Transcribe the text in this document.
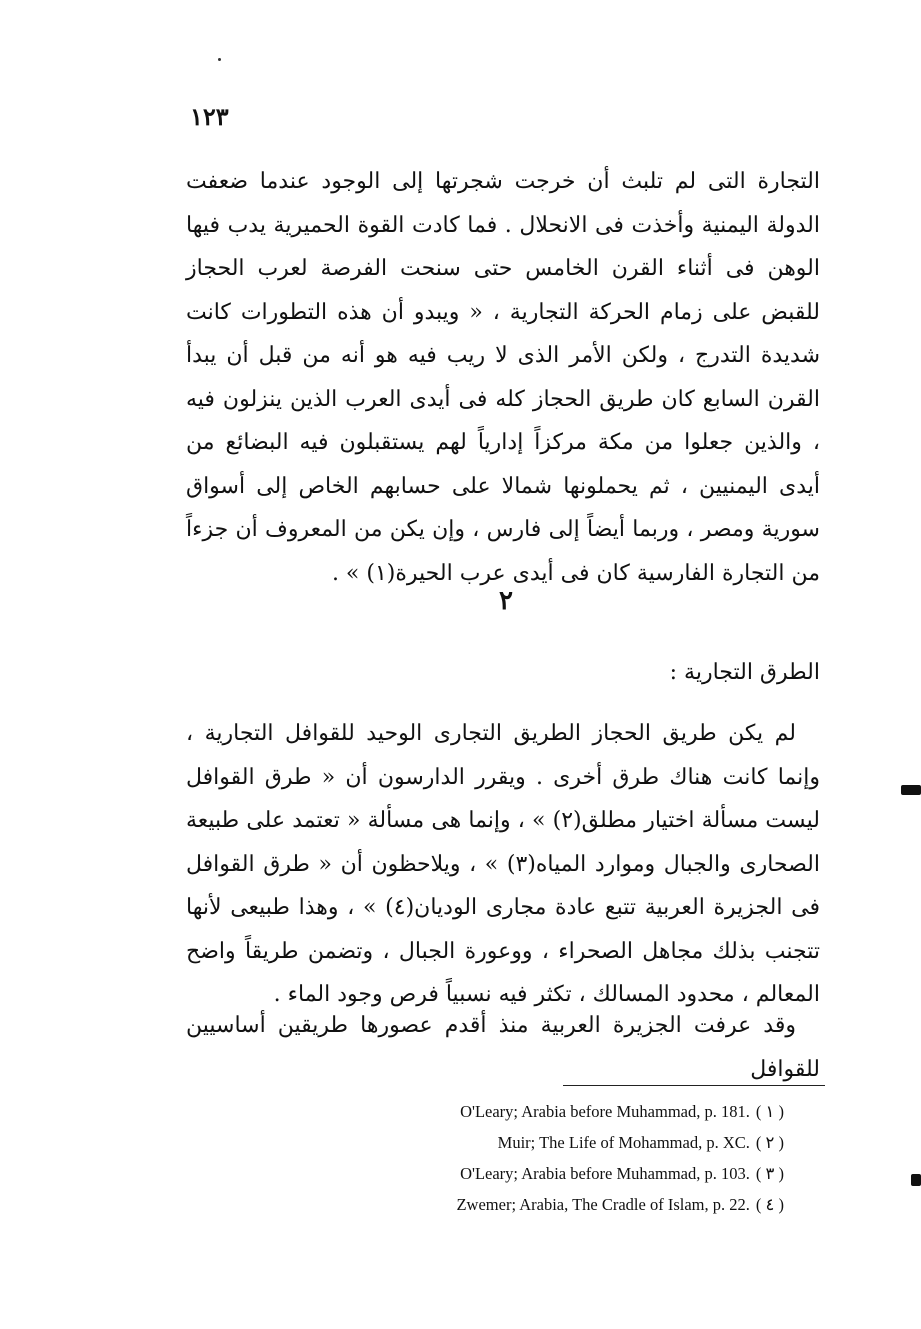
١٢٣

التجارة التى لم تلبث أن خرجت شجرتها إلى الوجود عندما ضعفت الدولة اليمنية وأخذت فى الانحلال . فما كادت القوة الحميرية يدب فيها الوهن فى أثناء القرن الخامس حتى سنحت الفرصة لعرب الحجاز للقبض على زمام الحركة التجارية ، « ويبدو أن هذه التطورات كانت شديدة التدرج ، ولكن الأمر الذى لا ريب فيه هو أنه من قبل أن يبدأ القرن السابع كان طريق الحجاز كله فى أيدى العرب الذين ينزلون فيه ، والذين جعلوا من مكة مركزاً إدارياً لهم يستقبلون فيه البضائع من أيدى اليمنيين ، ثم يحملونها شمالا على حسابهم الخاص إلى أسواق سورية ومصر ، وربما أيضاً إلى فارس ، وإن يكن من المعروف أن جزءاً من التجارة الفارسية كان فى أيدى عرب الحيرة(١) » .

٢
الطرق التجارية :

لم يكن طريق الحجاز الطريق التجارى الوحيد للقوافل التجارية ، وإنما كانت هناك طرق أخرى . ويقرر الدارسون أن « طرق القوافل ليست مسألة اختيار مطلق(٢) » ، وإنما هى مسألة « تعتمد على طبيعة الصحارى والجبال وموارد المياه(٣) » ، ويلاحظون أن « طرق القوافل فى الجزيرة العربية تتبع عادة مجارى الوديان(٤) » ، وهذا طبيعى لأنها تتجنب بذلك مجاهل الصحراء ، ووعورة الجبال ، وتضمن طريقاً واضح المعالم ، محدود المسالك ، تكثر فيه نسبياً فرص وجود الماء .

وقد عرفت الجزيرة العربية منذ أقدم عصورها طريقين أساسيين للقوافل

O'Leary; Arabia before Muhammad, p. 181. ( ١ )
Muir; The Life of Mohammad, p. XC. ( ٢ )
O'Leary; Arabia before Muhammad, p. 103. ( ٣ )
Zwemer; Arabia, The Cradle of Islam, p. 22. ( ٤ )
